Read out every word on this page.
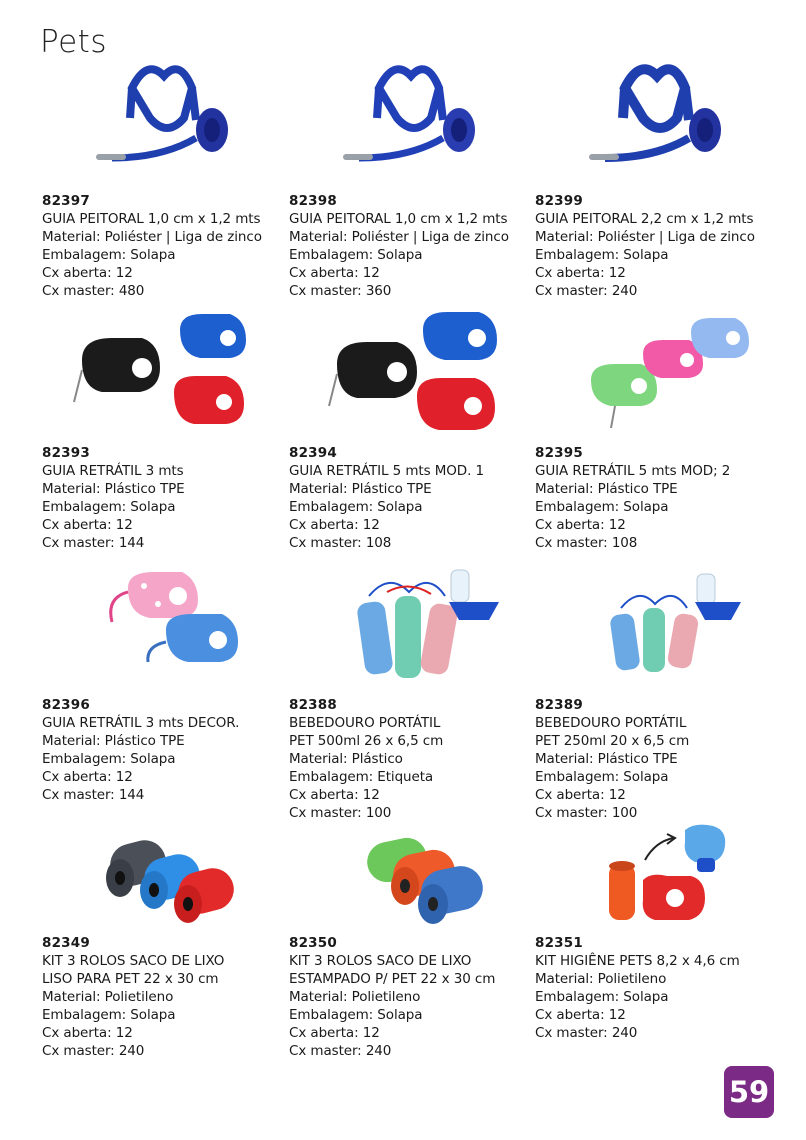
Pets
82397
GUIA PEITORAL 1,0 cm x 1,2 mts
Material: Poliéster | Liga de zinco
Embalagem: Solapa
Cx aberta: 12
Cx master: 480
82398
GUIA PEITORAL 1,0 cm x 1,2 mts
Material: Poliéster | Liga de zinco
Embalagem: Solapa
Cx aberta: 12
Cx master: 360
82399
GUIA PEITORAL 2,2 cm x 1,2 mts
Material: Poliéster | Liga de zinco
Embalagem: Solapa
Cx aberta: 12
Cx master: 240
82393
GUIA RETRÁTIL 3 mts
Material: Plástico TPE
Embalagem: Solapa
Cx aberta: 12
Cx master: 144
82394
GUIA RETRÁTIL 5 mts MOD. 1
Material: Plástico TPE
Embalagem: Solapa
Cx aberta: 12
Cx master: 108
82395
GUIA RETRÁTIL 5 mts MOD; 2
Material: Plástico TPE
Embalagem: Solapa
Cx aberta: 12
Cx master: 108
82396
GUIA RETRÁTIL 3 mts DECOR.
Material: Plástico TPE
Embalagem: Solapa
Cx aberta: 12
Cx master: 144
82388
BEBEDOURO PORTÁTIL
PET 500ml 26 x 6,5 cm
Material: Plástico
Embalagem: Etiqueta
Cx aberta: 12
Cx master: 100
82389
BEBEDOURO PORTÁTIL
PET 250ml 20 x 6,5 cm
Material: Plástico TPE
Embalagem: Solapa
Cx aberta: 12
Cx master: 100
82349
KIT 3 ROLOS SACO DE LIXO
LISO PARA PET 22 x 30 cm
Material: Polietileno
Embalagem: Solapa
Cx aberta: 12
Cx master: 240
82350
KIT 3 ROLOS SACO DE LIXO
ESTAMPADO P/ PET 22 x 30 cm
Material: Polietileno
Embalagem: Solapa
Cx aberta: 12
Cx master: 240
82351
KIT HIGIÊNE PETS 8,2 x 4,6 cm
Material: Polietileno
Embalagem: Solapa
Cx aberta: 12
Cx master: 240
59
